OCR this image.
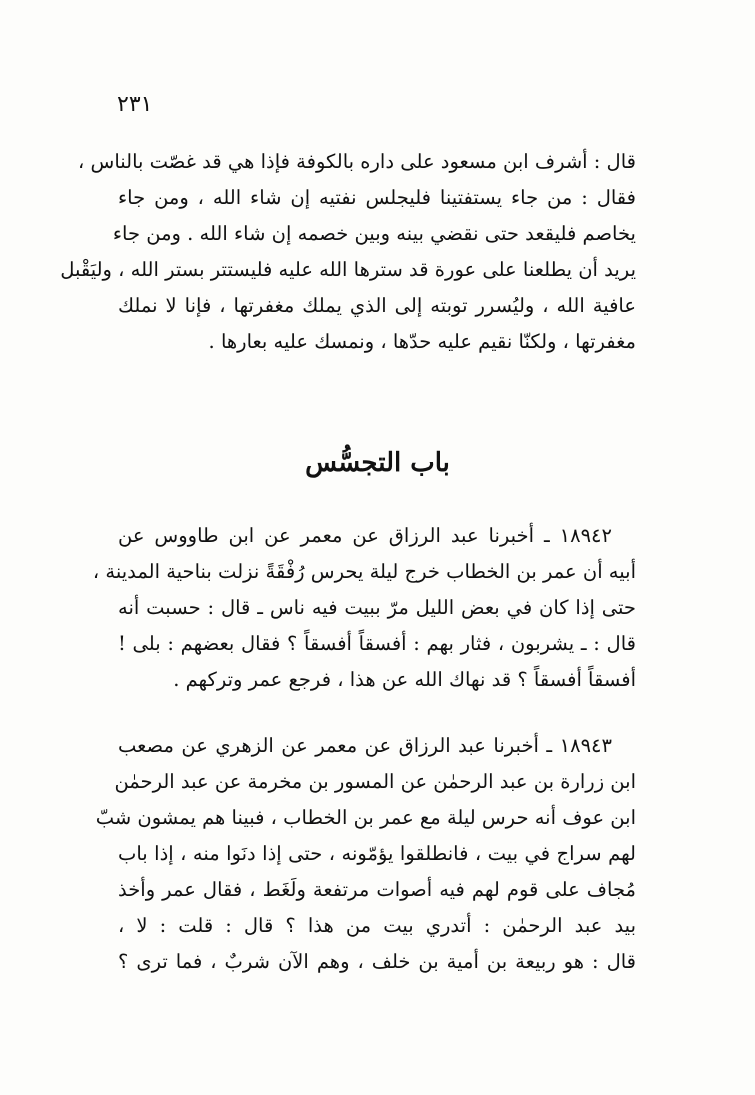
٢٣١
قال : أشرف ابن مسعود على داره بالكوفة فإذا هي قد غصّت بالناس ،
فقال : من جاء يستفتينا فليجلس نفتيه إن شاء الله ، ومن جاء
يخاصم فليقعد حتى نقضي بينه وبين خصمه إن شاء الله . ومن جاء
يريد أن يطلعنا على عورة قد سترها الله عليه فليستتر بستر الله ، وليَقْبل
عافية الله ، وليُسرر توبته إلى الذي يملك مغفرتها ، فإنا لا نملك
مغفرتها ، ولكنّا نقيم عليه حدّها ، ونمسك عليه بعارها .
باب التجسُّس
١٨٩٤٢ ـ أخبرنا عبد الرزاق عن معمر عن ابن طاووس عن
أبيه أن عمر بن الخطاب خرج ليلة يحرس رُفْقَةً نزلت بناحية المدينة ،
حتى إذا كان في بعض الليل مرّ ببيت فيه ناس ـ قال : حسبت أنه
قال : ـ يشربون ، فثار بهم : أفسقاً أفسقاً ؟ فقال بعضهم : بلى !
أفسقاً أفسقاً ؟ قد نهاك الله عن هذا ، فرجع عمر وتركهم .
١٨٩٤٣ ـ أخبرنا عبد الرزاق عن معمر عن الزهري عن مصعب
ابن زرارة بن عبد الرحمٰن عن المسور بن مخرمة عن عبد الرحمٰن
ابن عوف أنه حرس ليلة مع عمر بن الخطاب ، فبينا هم يمشون شبّ
لهم سراج في بيت ، فانطلقوا يؤمّونه ، حتى إذا دنَوا منه ، إذا باب
مُجاف على قوم لهم فيه أصوات مرتفعة ولَغَط ، فقال عمر وأخذ
بيد عبد الرحمٰن : أتدري بيت من هذا ؟ قال : قلت : لا ،
قال : هو ربيعة بن أمية بن خلف ، وهم الآن شربٌ ، فما ترى ؟
